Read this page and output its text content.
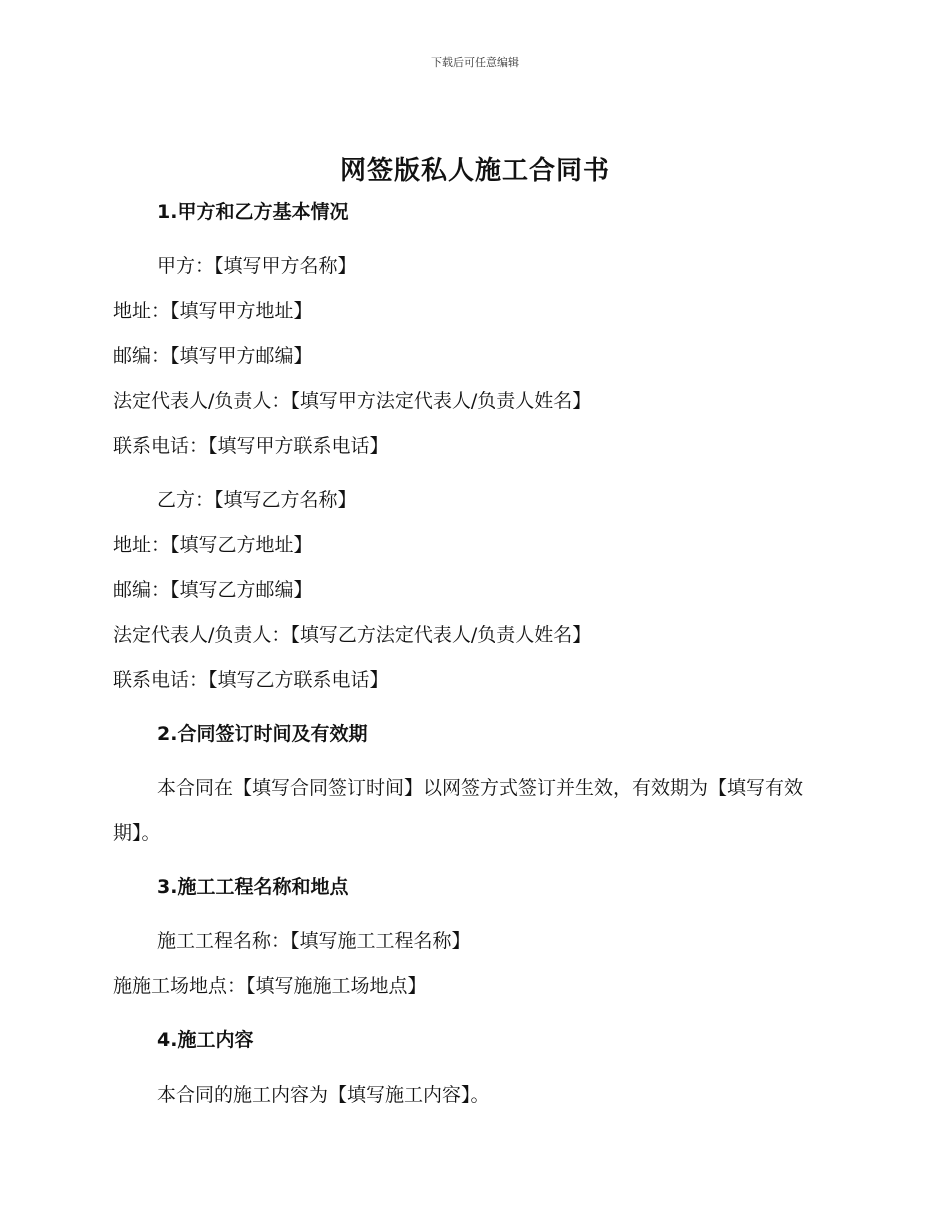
下载后可任意编辑
网签版私人施工合同书
1.甲方和乙方基本情况
甲方：【填写甲方名称】
地址：【填写甲方地址】
邮编：【填写甲方邮编】
法定代表人/负责人：【填写甲方法定代表人/负责人姓名】
联系电话：【填写甲方联系电话】
乙方：【填写乙方名称】
地址：【填写乙方地址】
邮编：【填写乙方邮编】
法定代表人/负责人：【填写乙方法定代表人/负责人姓名】
联系电话：【填写乙方联系电话】
2.合同签订时间及有效期
本合同在【填写合同签订时间】以网签方式签订并生效，有效期为【填写有效期】。
3.施工工程名称和地点
施工工程名称：【填写施工工程名称】
施施工场地点：【填写施施工场地点】
4.施工内容
本合同的施工内容为【填写施工内容】。
